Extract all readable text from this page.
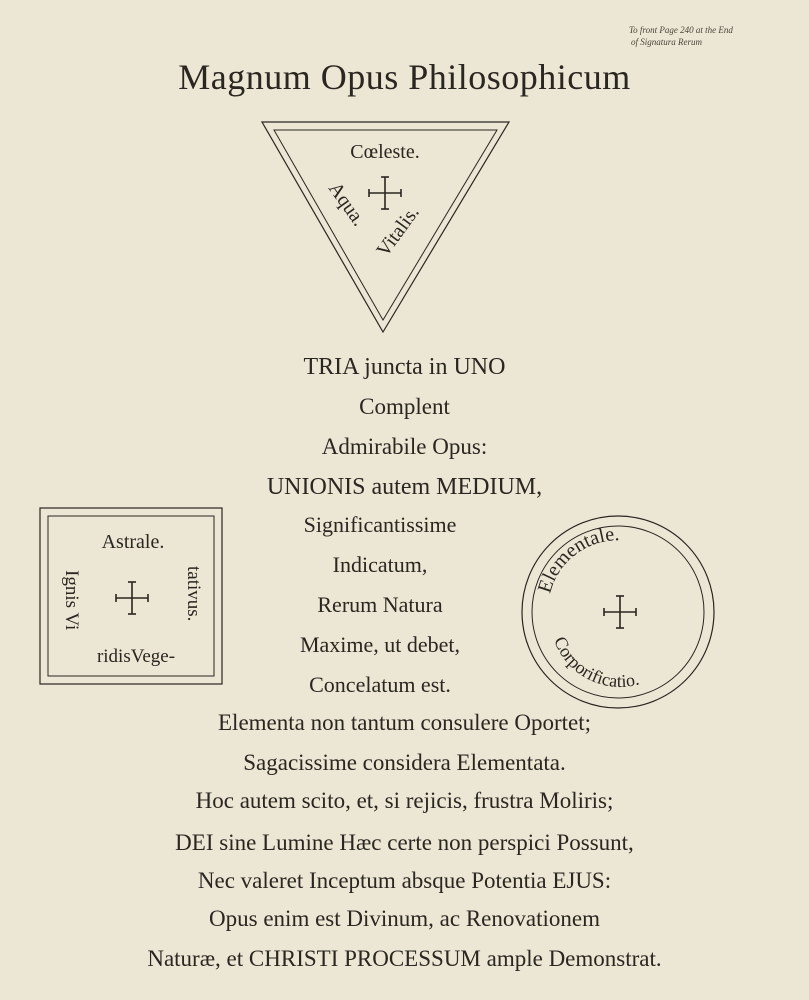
To front Page 240 at the End
of Signatura Rerum
Magnum Opus Philosophicum
Cœleste.
Aqua.
Vitalis.
Astrale.
Ignis Vi	tativus.
ridisVege-
Elementale.
Corporificatio.
TRIA juncta in UNO
Complent
Admirabile Opus:
UNIONIS autem MEDIUM,
Significantissime
Indicatum,
Rerum Natura
Maxime, ut debet,
Concelatum est.
Elementa non tantum consulere Oportet;
Sagacissime considera Elementata.
Hoc autem scito, et, si rejicis, frustra Moliris;
DEI sine Lumine Hæc certe non perspici Possunt,
Nec valeret Inceptum absque Potentia EJUS:
Opus enim est Divinum, ac Renovationem
Naturæ, et CHRISTI PROCESSUM ample Demonstrat.
